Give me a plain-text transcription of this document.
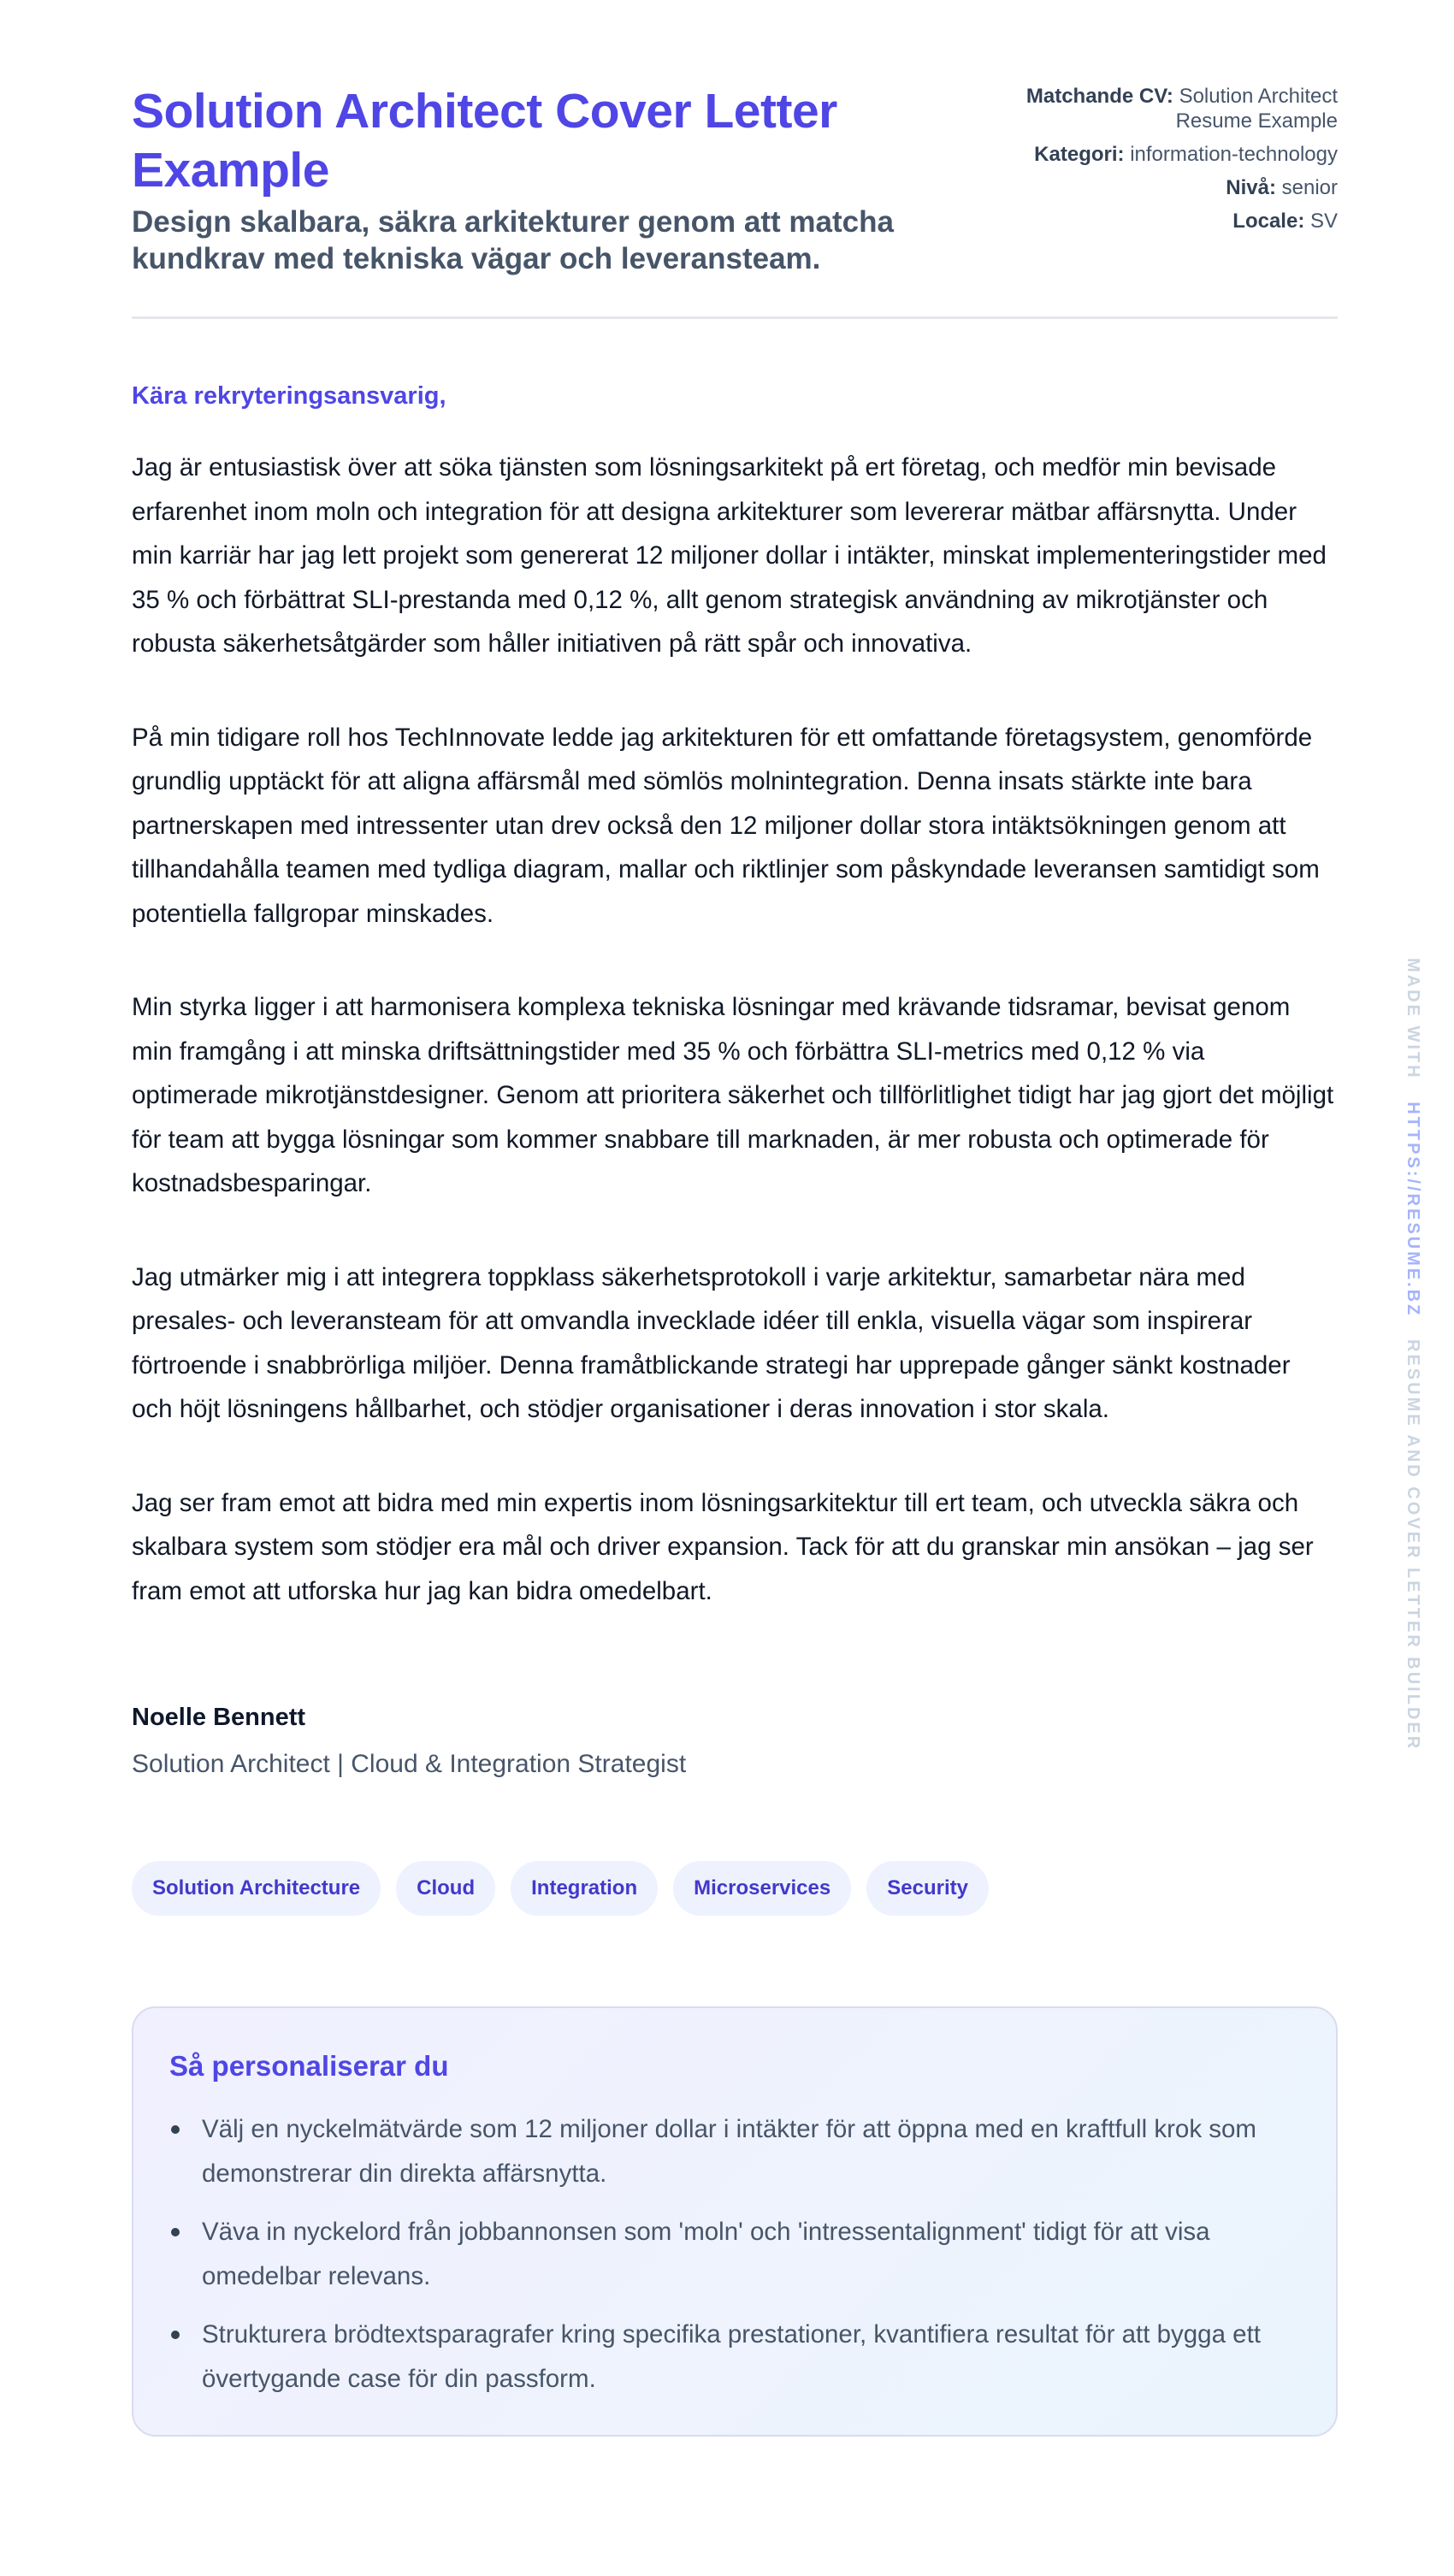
Solution Architect Cover Letter Example
Design skalbara, säkra arkitekturer genom att matcha kundkrav med tekniska vägar och leveransteam.
Matchande CV: Solution Architect Resume Example
Kategori: information-technology
Nivå: senior
Locale: SV
Kära rekryteringsansvarig,

Jag är entusiastisk över att söka tjänsten som lösningsarkitekt på ert företag, och medför min bevisade erfarenhet inom moln och integration för att designa arkitekturer som levererar mätbar affärsnytta. Under min karriär har jag lett projekt som genererat 12 miljoner dollar i intäkter, minskat implementeringstider med 35 % och förbättrat SLI-prestanda med 0,12 %, allt genom strategisk användning av mikrotjänster och robusta säkerhetsåtgärder som håller initiativen på rätt spår och innovativa.

På min tidigare roll hos TechInnovate ledde jag arkitekturen för ett omfattande företagsystem, genomförde grundlig upptäckt för att aligna affärsmål med sömlös molnintegration. Denna insats stärkte inte bara partnerskapen med intressenter utan drev också den 12 miljoner dollar stora intäktsökningen genom att tillhandahålla teamen med tydliga diagram, mallar och riktlinjer som påskyndade leveransen samtidigt som potentiella fallgropar minskades.

Min styrka ligger i att harmonisera komplexa tekniska lösningar med krävande tidsramar, bevisat genom min framgång i att minska driftsättningstider med 35 % och förbättra SLI-metrics med 0,12 % via optimerade mikrotjänstdesigner. Genom att prioritera säkerhet och tillförlitlighet tidigt har jag gjort det möjligt för team att bygga lösningar som kommer snabbare till marknaden, är mer robusta och optimerade för kostnadsbesparingar.

Jag utmärker mig i att integrera toppklass säkerhetsprotokoll i varje arkitektur, samarbetar nära med presales- och leveransteam för att omvandla invecklade idéer till enkla, visuella vägar som inspirerar förtroende i snabbrörliga miljöer. Denna framåtblickande strategi har upprepade gånger sänkt kostnader och höjt lösningens hållbarhet, och stödjer organisationer i deras innovation i stor skala.

Jag ser fram emot att bidra med min expertis inom lösningsarkitektur till ert team, och utveckla säkra och skalbara system som stödjer era mål och driver expansion. Tack för att du granskar min ansökan – jag ser fram emot att utforska hur jag kan bidra omedelbart.

Noelle Bennett
Solution Architect | Cloud & Integration Strategist
Solution Architecture	Cloud	Integration	Microservices	Security
Så personaliserar du
Välj en nyckelmätvärde som 12 miljoner dollar i intäkter för att öppna med en kraftfull krok som demonstrerar din direkta affärsnytta.
Väva in nyckelord från jobbannonsen som 'moln' och 'intressentalignment' tidigt för att visa omedelbar relevans.
Strukturera brödtextsparagrafer kring specifika prestationer, kvantifiera resultat för att bygga ett övertygande case för din passform.
MADE WITH   HTTPS://RESUME.BZ   RESUME AND COVER LETTER BUILDER
